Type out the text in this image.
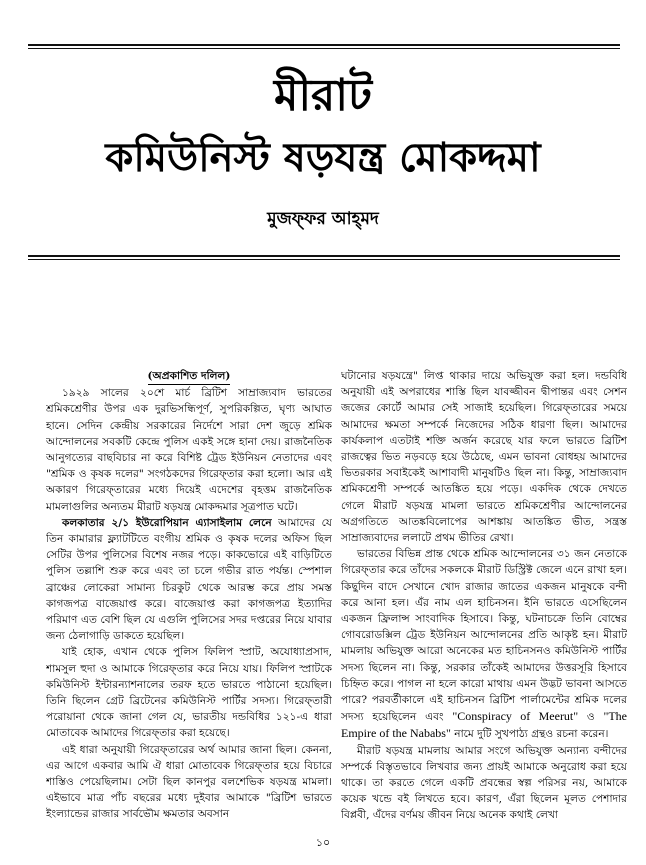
মীরাট
কমিউনিস্ট ষড়যন্ত্র মোকদ্দমা
মুজফ্‌ফর আহ্‌মদ

(অপ্রকাশিত দলিল)

১৯২৯ সালের ২০শে মার্চ ব্রিটিশ সাম্রাজ্যবাদ ভারতের শ্রমিকশ্রেণীর উপর এক দুরভিসন্ধিপূর্ণ, সুপরিকল্পিত, ঘৃণ্য আঘাত হানে। সেদিন কেন্দ্রীয় সরকারের নির্দেশে সারা দেশ জুড়ে শ্রমিক আন্দোলনের সবকটি কেন্দ্রে পুলিস একই সঙ্গে হানা দেয়। রাজনৈতিক আনুগত্যের বাছবিচার না করে বিশিষ্ট ট্রেড ইউনিয়ন নেতাদের এবং "শ্রমিক ও কৃষক দলের" সংগঠকদের গিরেফ্‌তার করা হলো। আর এই অকারণ গিরেফ্‌তারের মধ্যে দিয়েই এদেশের বৃহত্তম রাজনৈতিক মামলাগুলির অন্যতম মীরাট ষড়যন্ত্র মোকদ্দমার সূত্রপাত ঘটে।

কলকাতার ২/১ ইউরোপিয়ান এ্যাসাইলাম লেনে আমাদের যে তিন কামারার ফ্ল্যাটটিতে বংগীয় শ্রমিক ও কৃষক দলের অফিস ছিল সেটির উপর পুলিসের বিশেষ নজর পড়ে। কাকভোরে এই বাড়িটিতে পুলিস তল্লাশি শুরু করে এবং তা চলে গভীর রাত পর্যন্ত। স্পেশাল ব্রাঞ্চের লোকেরা সামান্য চিরকুট থেকে আরম্ভ করে প্রায় সমস্ত কাগজপত্র বাজেয়াপ্ত করে। বাজেয়াপ্ত করা কাগজপত্র ইত্যাদির পরিমাণ এত বেশি ছিল যে এগুলি পুলিসের সদর দপ্তরের নিয়ে যাবার জন্য ঠেলাগাড়ি ডাকতে হয়েছিল।

যাই হোক, এখান থেকে পুলিস ফিলিপ স্প্রাট, অযোধ্যাপ্রসাদ, শামসুল হুদা ও আমাকে গিরেফ্‌তার করে নিয়ে যায়। ফিলিপ স্প্রাটকে কমিউনিস্ট ইন্টারন্যাশনালের তরফ হতে ভারতে পাঠানো হয়েছিল। তিনি ছিলেন গ্রেট ব্রিটেনের কমিউনিস্ট পার্টির সদস্য। গিরেফ্‌তারী পরোয়ানা থেকে জানা গেল যে, ভারতীয় দন্ডবিধির ১২১-এ ধারা মোতাবেক আমাদের গিরেফ্‌তার করা হয়েছে।

এই ধারা অনুযায়ী গিরেফ্‌তারের অর্থ আমার জানা ছিল। কেননা, এর আগে একবার আমি ঐ ধারা মোতাবেক গিরেফ্‌তার হয়ে বিচারে শাস্তিও পেয়েছিলাম। সেটা ছিল কানপুর বলশেভিক ষড়যন্ত্র মামলা। এইভাবে মাত্র পাঁচ বছরের মধ্যে দুইবার আমাকে "ব্রিটিশ ভারতে ইংল্যান্ডের রাজার সার্বভৌম ক্ষমতার অবসান

ঘটানোর ষড়যন্ত্রে" লিপ্ত থাকার দায়ে অভিযুক্ত করা হল। দন্ডবিধি অনুযায়ী এই অপরাধের শাস্তি ছিল যাবজ্জীবন দ্বীপান্তর এবং সেশন জজের কোর্টে আমার সেই সাজাই হয়েছিল। গিরেফ্‌তারের সময়ে আমাদের ক্ষমতা সম্পর্কে নিজেদের সঠিক ধারণা ছিল। আমাদের কার্যকলাপ এতটাই শক্তি অর্জন করেছে যার ফলে ভারতে ব্রিটিশ রাজত্বের ভিত নড়বড়ে হয়ে উঠেছে, এমন ভাবনা বোধহয় আমাদের ভিতরকার সবাইকেই আশাবাদী মানুষটিও ছিল না। কিন্তু, সাম্রাজ্যবাদ শ্রমিকশ্রেণী সম্পর্কে আতঙ্কিত হয়ে পড়ে। একদিক থেকে দেখতে গেলে মীরাট ষড়যন্ত্র মামলা ভারতে শ্রমিকশ্রেণীর আন্দোলনের অগ্রগতিতে আতঙ্কবিলোপের আশঙ্কায় আতঙ্কিত ভীত, সন্ত্রস্ত সাম্রাজ্যবাদের ললাটে প্রথম ভীতির রেখা।

ভারতের বিভিন্ন প্রান্ত থেকে শ্রমিক আন্দোলনের ৩১ জন নেতাকে গিরেফ্‌তার করে তাঁদের সকলকে মীরাট ডিস্ট্রিক্ট জেলে এনে রাখা হল। কিছুদিন বাদে সেখানে খোদ রাজার জাতের একজন মানুষকে বন্দী করে আনা হল। এঁর নাম এল হাচিনসন। ইনি ভারতে এসেছিলেন একজন ফ্রিলান্স সাংবাদিক হিসাবে। কিন্তু, ঘটনাচক্রে তিনি বোম্বের গোবরোডক্সিল ট্রেড ইউনিয়ন আন্দোলনের প্রতি আকৃষ্ট হন। মীরাট মামলায় অভিযুক্ত আরো অনেকের মত হাচিনসনও কমিউনিস্ট পার্টির সদস্য ছিলেন না। কিন্তু, সরকার তাঁকেই আমাদের উত্তরসূরি হিসাবে চিহ্নিত করে। পাগল না হলে কারো মাথায় এমন উদ্ভট ভাবনা আসতে পারে? পরবর্তীকালে এই হাচিনসন ব্রিটিশ পার্লামেন্টের শ্রমিক দলের সদস্য হয়েছিলেন এবং "Conspiracy of Meerut" ও "The Empire of the Nababs" নামে দুটি সুখপাঠ্য গ্রন্থও রচনা করেন।

মীরাট ষড়যন্ত্র মামলায় আমার সংগে অভিযুক্ত অন্যান্য বন্দীদের সম্পর্কে বিস্তৃতভাবে লিখবার জন্য প্রায়ই আমাকে অনুরোধ করা হয়ে থাকে। তা করতে গেলে একটি প্রবন্ধের স্বল্প পরিসর নয়, আমাকে কয়েক খন্ডে বই লিখতে হবে। কারণ, এঁরা ছিলেন মূলত পেশাদার বিপ্লবী, এঁদের বর্ণময় জীবন নিয়ে অনেক কথাই লেখা

১০
